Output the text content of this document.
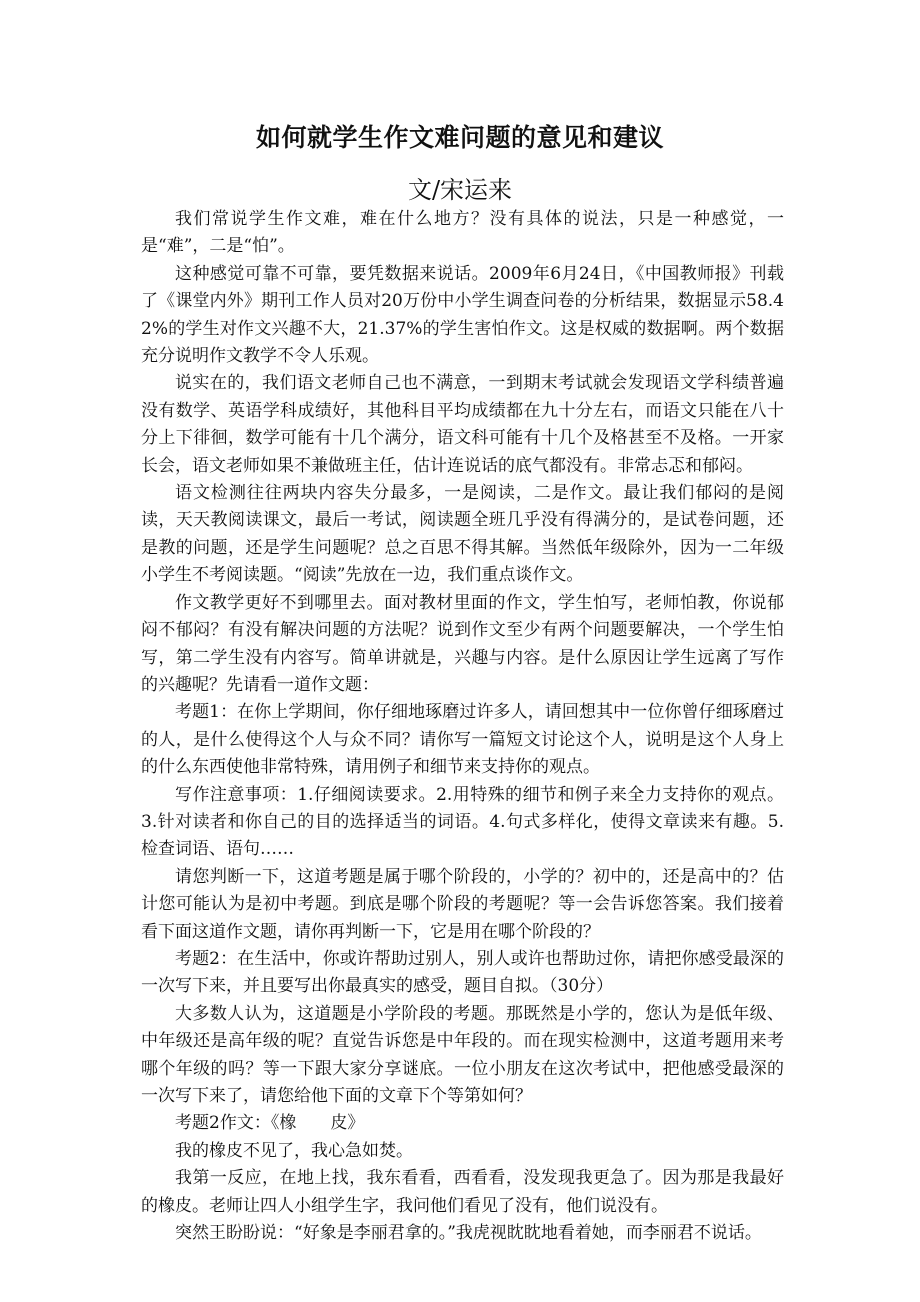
如何就学生作文难问题的意见和建议
文/宋运来

我们常说学生作文难，难在什么地方？没有具体的说法，只是一种感觉，一是“难”，二是“怕”。

这种感觉可靠不可靠，要凭数据来说话。2009年6月24日，《中国教师报》刊载了《课堂内外》期刊工作人员对20万份中小学生调查问卷的分析结果，数据显示58.42%的学生对作文兴趣不大，21.37%的学生害怕作文。这是权威的数据啊。两个数据充分说明作文教学不令人乐观。

说实在的，我们语文老师自己也不满意，一到期末考试就会发现语文学科绩普遍没有数学、英语学科成绩好，其他科目平均成绩都在九十分左右，而语文只能在八十分上下徘徊，数学可能有十几个满分，语文科可能有十几个及格甚至不及格。一开家长会，语文老师如果不兼做班主任，估计连说话的底气都没有。非常忐忑和郁闷。

语文检测往往两块内容失分最多，一是阅读，二是作文。最让我们郁闷的是阅读，天天教阅读课文，最后一考试，阅读题全班几乎没有得满分的，是试卷问题，还是教的问题，还是学生问题呢？总之百思不得其解。当然低年级除外，因为一二年级小学生不考阅读题。“阅读”先放在一边，我们重点谈作文。

作文教学更好不到哪里去。面对教材里面的作文，学生怕写，老师怕教，你说郁闷不郁闷？有没有解决问题的方法呢？说到作文至少有两个问题要解决，一个学生怕写，第二学生没有内容写。简单讲就是，兴趣与内容。是什么原因让学生远离了写作的兴趣呢？先请看一道作文题：

考题1：在你上学期间，你仔细地琢磨过许多人，请回想其中一位你曾仔细琢磨过的人，是什么使得这个人与众不同？请你写一篇短文讨论这个人，说明是这个人身上的什么东西使他非常特殊，请用例子和细节来支持你的观点。

写作注意事项：1.仔细阅读要求。2.用特殊的细节和例子来全力支持你的观点。3.针对读者和你自己的目的选择适当的词语。4.句式多样化，使得文章读来有趣。5.检查词语、语句……

请您判断一下，这道考题是属于哪个阶段的，小学的？初中的，还是高中的？估计您可能认为是初中考题。到底是哪个阶段的考题呢？等一会告诉您答案。我们接着看下面这道作文题，请你再判断一下，它是用在哪个阶段的？

考题2：在生活中，你或许帮助过别人，别人或许也帮助过你，请把你感受最深的一次写下来，并且要写出你最真实的感受，题目自拟。（30分）

大多数人认为，这道题是小学阶段的考题。那既然是小学的，您认为是低年级、中年级还是高年级的呢？直觉告诉您是中年段的。而在现实检测中，这道考题用来考哪个年级的吗？等一下跟大家分享谜底。一位小朋友在这次考试中，把他感受最深的一次写下来了，请您给他下面的文章下个等第如何？

考题2作文：《橡　　皮》

我的橡皮不见了，我心急如焚。

我第一反应，在地上找，我东看看，西看看，没发现我更急了。因为那是我最好的橡皮。老师让四人小组学生字，我问他们看见了没有，他们说没有。

突然王盼盼说：“好象是李丽君拿的。”我虎视眈眈地看着她，而李丽君不说话。
